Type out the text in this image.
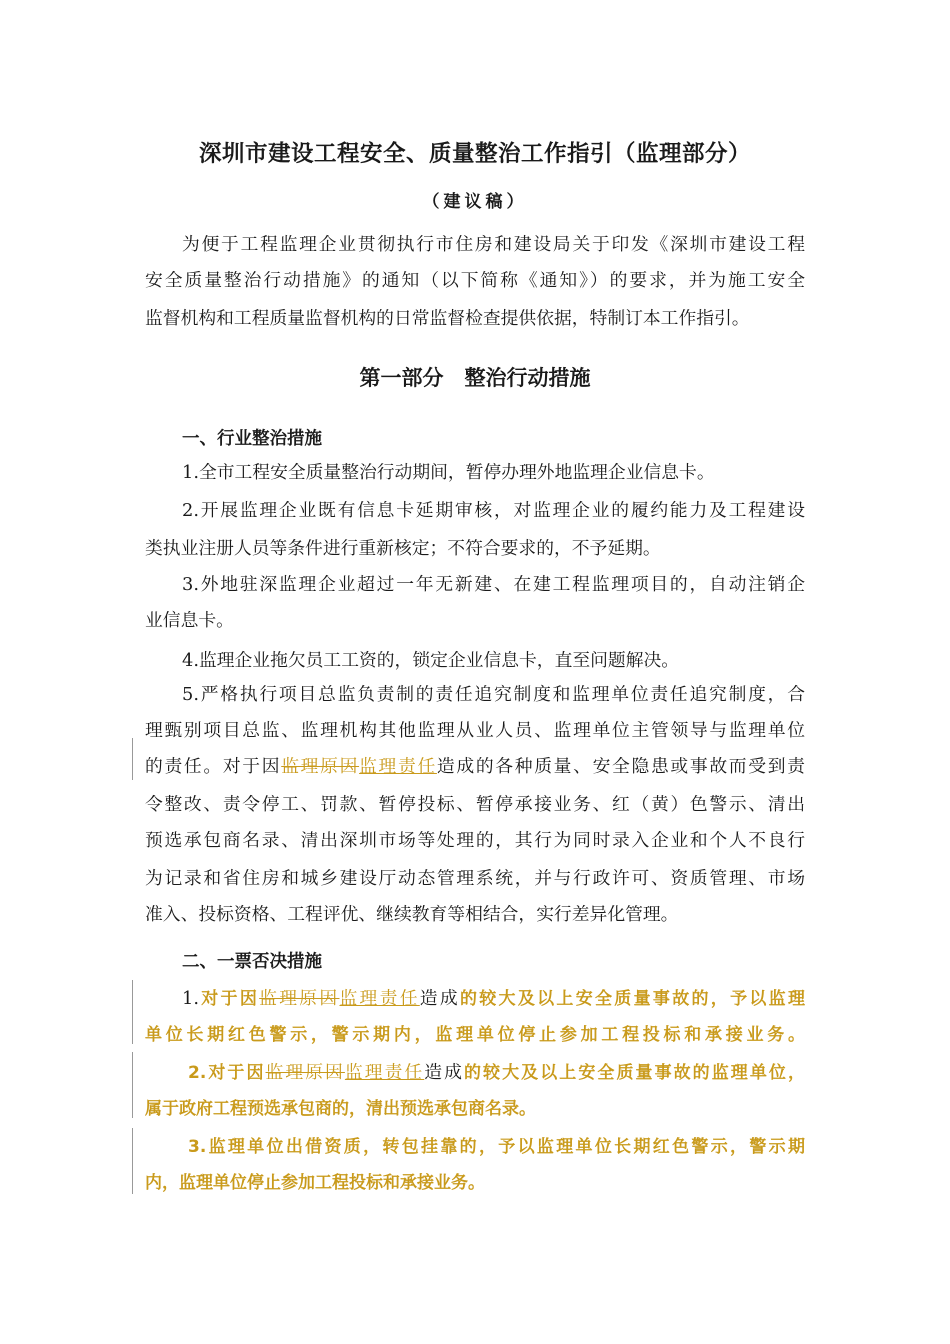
深圳市建设工程安全、质量整治工作指引（监理部分）
（建议稿）
为便于工程监理企业贯彻执行市住房和建设局关于印发《深圳市建设工程
安全质量整治行动措施》的通知（以下简称《通知》）的要求，并为施工安全
监督机构和工程质量监督机构的日常监督检查提供依据，特制订本工作指引。
第一部分　整治行动措施
一、行业整治措施
1.全市工程安全质量整治行动期间，暂停办理外地监理企业信息卡。
2.开展监理企业既有信息卡延期审核，对监理企业的履约能力及工程建设
类执业注册人员等条件进行重新核定；不符合要求的，不予延期。
3.外地驻深监理企业超过一年无新建、在建工程监理项目的，自动注销企
业信息卡。
4.监理企业拖欠员工工资的，锁定企业信息卡，直至问题解决。
5.严格执行项目总监负责制的责任追究制度和监理单位责任追究制度，合
理甄别项目总监、监理机构其他监理从业人员、监理单位主管领导与监理单位
的责任。对于因监理原因监理责任造成的各种质量、安全隐患或事故而受到责
令整改、责令停工、罚款、暂停投标、暂停承接业务、红（黄）色警示、清出
预选承包商名录、清出深圳市场等处理的，其行为同时录入企业和个人不良行
为记录和省住房和城乡建设厅动态管理系统，并与行政许可、资质管理、市场
准入、投标资格、工程评优、继续教育等相结合，实行差异化管理。
二、一票否决措施
1.对于因监理原因监理责任造成的较大及以上安全质量事故的，予以监理
单位长期红色警示，警示期内，监理单位停止参加工程投标和承接业务。
2.对于因监理原因监理责任造成的较大及以上安全质量事故的监理单位，
属于政府工程预选承包商的，清出预选承包商名录。
3.监理单位出借资质，转包挂靠的，予以监理单位长期红色警示，警示期
内，监理单位停止参加工程投标和承接业务。
